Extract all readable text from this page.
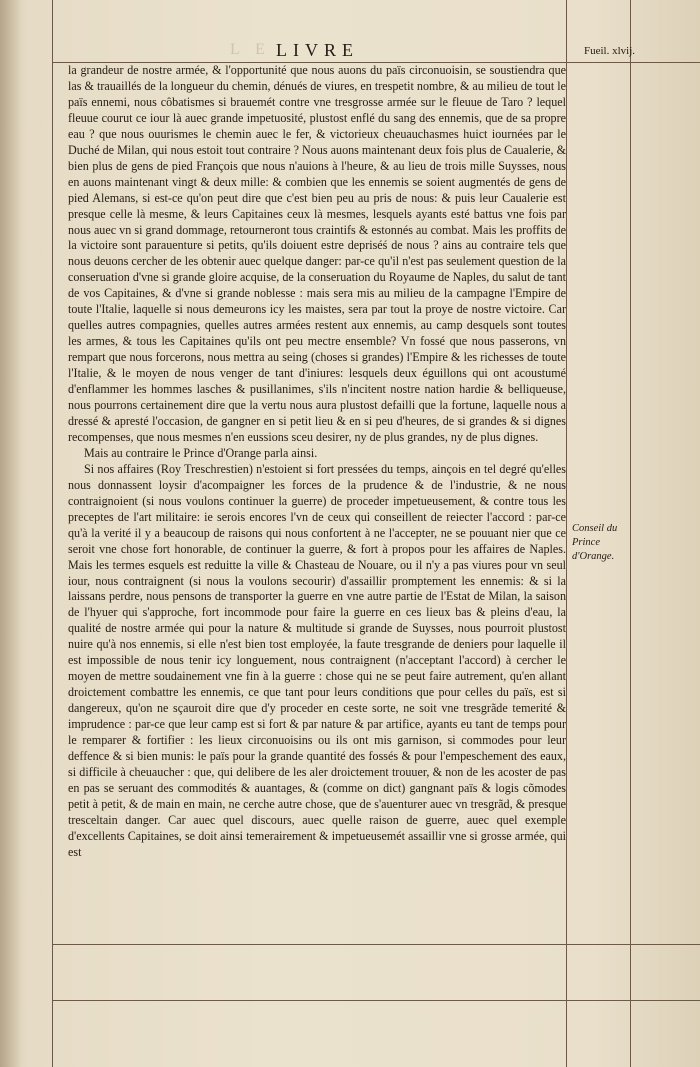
L E LIVRE	Fueil. xlvij.

la grandeur de nostre armée, & l'opportunité que nous auons du païs circonuoisin, se soustiendra que las & trauaillés de la longueur du chemin, dénués de viures, en trespetit nombre, & au milieu de tout le païs ennemi, nous côbatismes si brauemét contre vne tresgrosse armée sur le fleuue de Taro ? lequel fleuue courut ce iour là auec grande impetuosité, plustost enflé du sang des ennemis, que de sa propre eau ? que nous ouurismes le chemin auec le fer, & victorieux cheuauchasmes huict iournées par le Duché de Milan, qui nous estoit tout contraire ? Nous auons maintenant deux fois plus de Caualerie, & bien plus de gens de pied François que nous n'auions à l'heure, & au lieu de trois mille Suysses, nous en auons maintenant vingt & deux mille: & combien que les ennemis se soient augmentés de gens de pied Alemans, si est-ce qu'on peut dire que c'est bien peu au pris de nous: & puis leur Caualerie est presque celle là mesme, & leurs Capitaines ceux là mesmes, lesquels ayants esté battus vne fois par nous auec vn si grand dommage, retourneront tous craintifs & estonnés au combat. Mais les proffits de la victoire sont parauenture si petits, qu'ils doiuent estre depriséś de nous ? ains au contraire tels que nous deuons cercher de les obtenir auec quelque danger: par-ce qu'il n'est pas seulement question de la conseruation d'vne si grande gloire acquise, de la conseruation du Royaume de Naples, du salut de tant de vos Capitaines, & d'vne si grande noblesse : mais sera mis au milieu de la campagne l'Empire de toute l'Italie, laquelle si nous demeurons icy les maistes, sera par tout la proye de nostre victoire. Car quelles autres compagnies, quelles autres armées restent aux ennemis, au camp desquels sont toutes les armes, & tous les Capitaines qu'ils ont peu mectre ensemble? Vn fossé que nous passerons, vn rempart que nous forcerons, nous mettra au seing (choses si grandes) l'Empire & les richesses de toute l'Italie, & le moyen de nous venger de tant d'iniures: lesquels deux éguillons qui ont acoustumé d'enflammer les hommes lasches & pusillanimes, s'ils n'incitent nostre nation hardie & belliqueuse, nous pourrons certainement dire que la vertu nous aura plustost defailli que la fortune, laquelle nous a dressé & apresté l'occasion, de gangner en si petit lieu & en si peu d'heures, de si grandes & si dignes recompenses, que nous mesmes n'en eussions sceu desirer, ny de plus grandes, ny de plus dignes.

Mais au contraire le Prince d'Orange parla ainsi.

Si nos affaires (Roy Treschrestien) n'estoient si fort pressées du temps, ainçois en tel degré qu'elles nous donnassent loysir d'acompaigner les forces de la prudence & de l'industrie, & ne nous contraignoient (si nous voulons continuer la guerre) de proceder impetueusement, & contre tous les preceptes de l'art militaire: ie serois encores l'vn de ceux qui conseillent de reiecter l'accord : par-ce qu'à la verité il y a beaucoup de raisons qui nous confortent à ne l'accepter, ne se pouuant nier que ce seroit vne chose fort honorable, de continuer la guerre, & fort à propos pour les affaires de Naples. Mais les termes esquels est reduitte la ville & Chasteau de Nouare, ou il n'y a pas viures pour vn seul iour, nous contraignent (si nous la voulons secourir) d'assaillir promptement les ennemis: & si la laissans perdre, nous pensons de transporter la guerre en vne autre partie de l'Estat de Milan, la saison de l'hyuer qui s'approche, fort incommode pour faire la guerre en ces lieux bas & pleins d'eau, la qualité de nostre armée qui pour la nature & multitude si grande de Suysses, nous pourroit plustost nuire qu'à nos ennemis, si elle n'est bien tost employée, la faute tresgrande de deniers pour laquelle il est impossible de nous tenir icy longuement, nous contraignent (n'acceptant l'accord) à cercher le moyen de mettre soudainement vne fin à la guerre : chose qui ne se peut faire autrement, qu'en allant droictement combattre les ennemis, ce que tant pour leurs conditions que pour celles du païs, est si dangereux, qu'on ne sçauroit dire que d'y proceder en ceste sorte, ne soit vne tresgrãde temerité & imprudence : par-ce que leur camp est si fort & par nature & par artifice, ayants eu tant de temps pour le remparer & fortifier : les lieux circonuoisins ou ils ont mis garnison, si commodes pour leur deffence & si bien munis: le païs pour la grande quantité des fossés & pour l'empeschement des eaux, si difficile à cheuaucher : que, qui delibere de les aler droictement trouuer, & non de les acoster de pas en pas se seruant des commodités & auantages, & (comme on dict) gangnant païs & logis cõmodes petit à petit, & de main en main, ne cerche autre chose, que de s'auenturer auec vn tresgrãd, & presque tresceltain danger. Car auec quel discours, auec quelle raison de guerre, auec quel exemple d'excellents Capitaines, se doit ainsi temerairement & impetueusemét assaillir vne si grosse armée, qui est

Conseil du
Prince
d'Orange.
